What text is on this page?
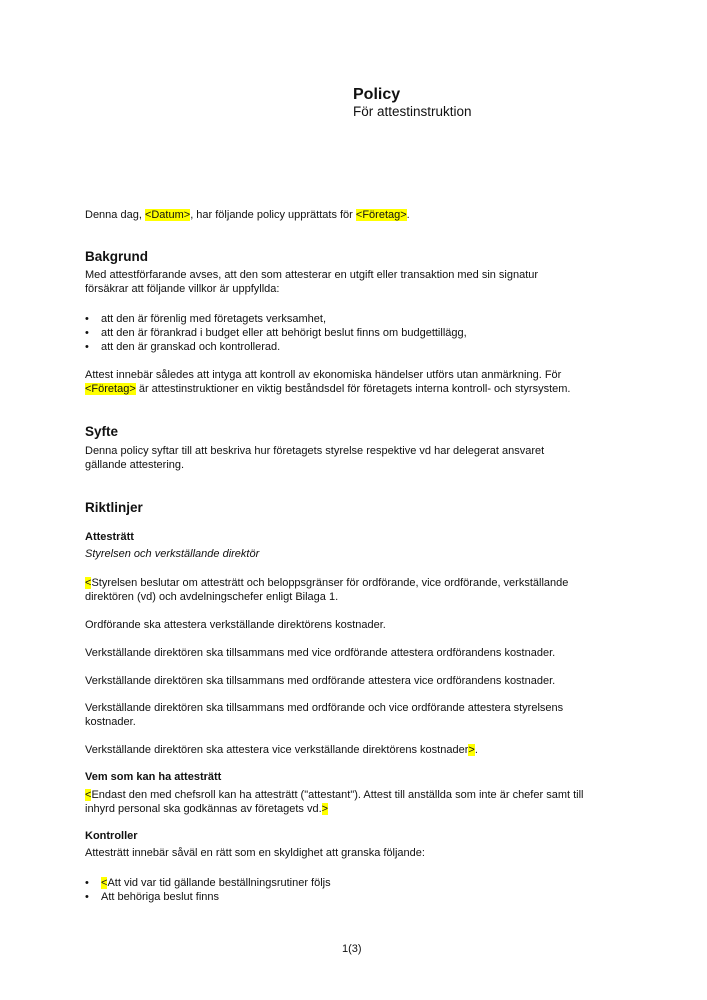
Policy
För attestinstruktion
Denna dag, <Datum>, har följande policy upprättats för <Företag>.
Bakgrund
Med attestförfarande avses, att den som attesterar en utgift eller transaktion med sin signatur
försäkrar att följande villkor är uppfyllda:
• att den är förenlig med företagets verksamhet,
• att den är förankrad i budget eller att behörigt beslut finns om budgettillägg,
• att den är granskad och kontrollerad.
Attest innebär således att intyga att kontroll av ekonomiska händelser utförs utan anmärkning. För
<Företag> är attestinstruktioner en viktig beståndsdel för företagets interna kontroll- och styrsystem.
Syfte
Denna policy syftar till att beskriva hur företagets styrelse respektive vd har delegerat ansvaret
gällande attestering.
Riktlinjer
Attesträtt
Styrelsen och verkställande direktör
<Styrelsen beslutar om attesträtt och beloppsgränser för ordförande, vice ordförande, verkställande
direktören (vd) och avdelningschefer enligt Bilaga 1.
Ordförande ska attestera verkställande direktörens kostnader.
Verkställande direktören ska tillsammans med vice ordförande attestera ordförandens kostnader.
Verkställande direktören ska tillsammans med ordförande attestera vice ordförandens kostnader.
Verkställande direktören ska tillsammans med ordförande och vice ordförande attestera styrelsens
kostnader.
Verkställande direktören ska attestera vice verkställande direktörens kostnader>.
Vem som kan ha attesträtt
<Endast den med chefsroll kan ha attesträtt ("attestant"). Attest till anställda som inte är chefer samt till
inhyrd personal ska godkännas av företagets vd.>
Kontroller
Attesträtt innebär såväl en rätt som en skyldighet att granska följande:
• <Att vid var tid gällande beställningsrutiner följs
• Att behöriga beslut finns
1(3)
